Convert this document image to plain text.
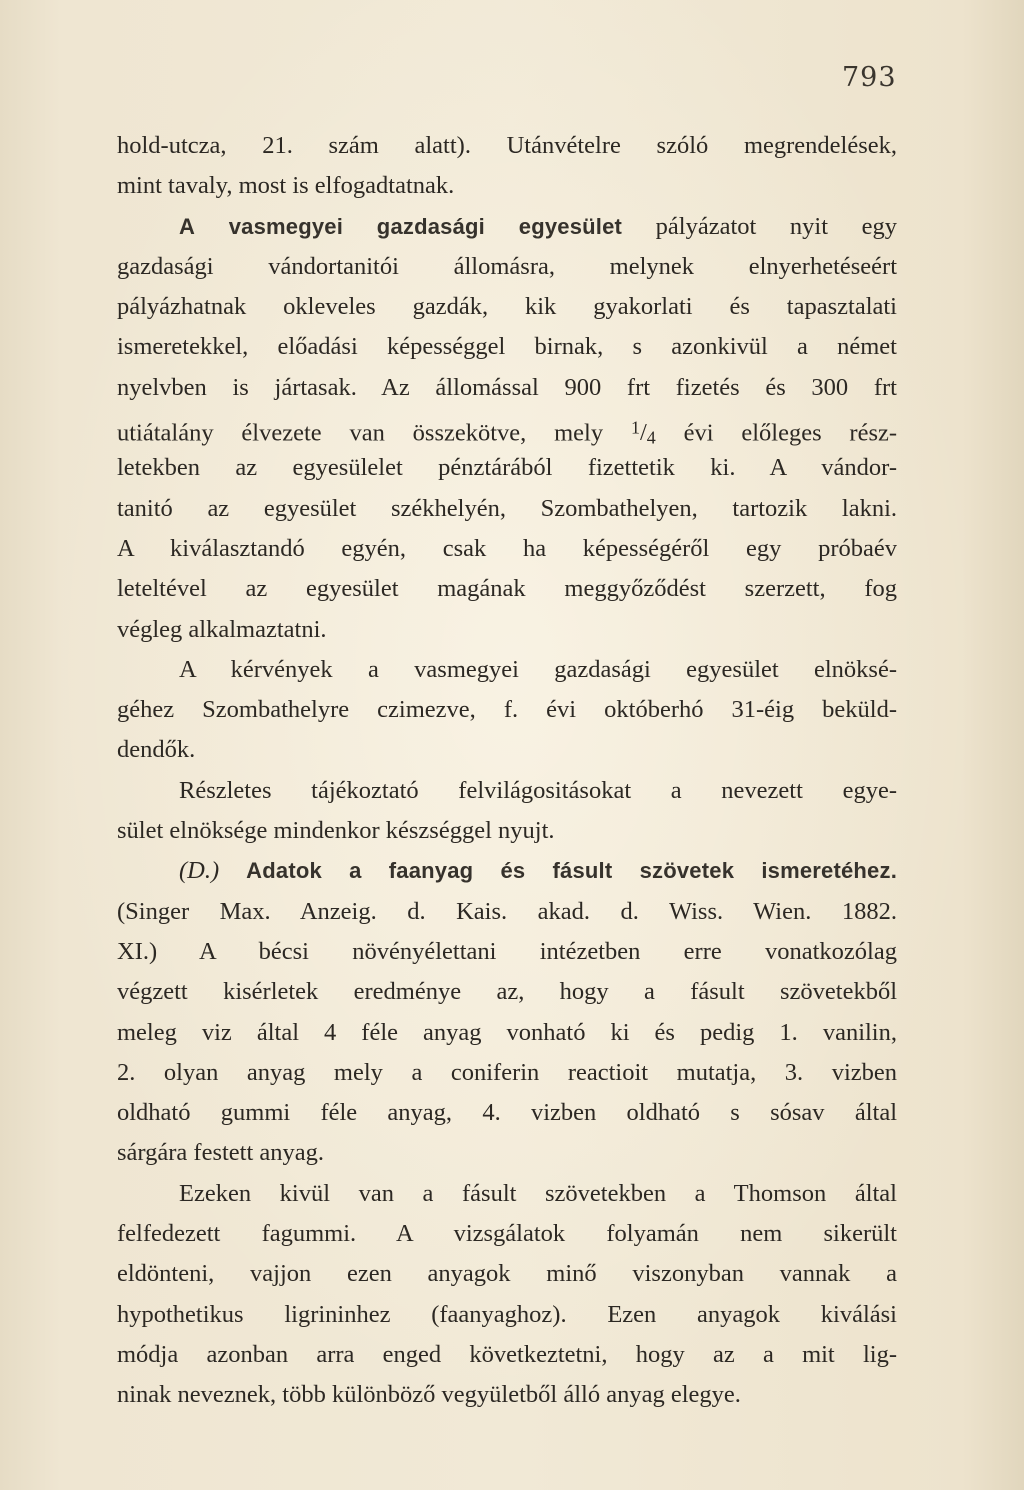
793
hold-utcza, 21. szám alatt). Utánvételre szóló megrendelések,
mint tavaly, most is elfogadtatnak.
A vasmegyei gazdasági egyesület pályázatot nyit egy
gazdasági vándortanitói állomásra, melynek elnyerhetéseért
pályázhatnak okleveles gazdák, kik gyakorlati és tapasztalati
ismeretekkel, előadási képességgel birnak, s azonkivül a német
nyelvben is jártasak. Az állomással 900 frt fizetés és 300 frt
utiátalány élvezete van összekötve, mely $^1$/4 évi előleges rész-
letekben az egyesülelet pénztárából fizettetik ki. A vándor-
tanitó az egyesület székhelyén, Szombathelyen, tartozik lakni.
A kiválasztandó egyén, csak ha képességéről egy próbaév
leteltével az egyesület magának meggyőződést szerzett, fog
végleg alkalmaztatni.
A kérvények a vasmegyei gazdasági egyesület elnöksé-
géhez Szombathelyre czimezve, f. évi októberhó 31-éig beküld-
dendők.
Részletes tájékoztató felvilágositásokat a nevezett egye-
sület elnöksége mindenkor készséggel nyujt.
(D.) Adatok a faanyag és fásult szövetek ismeretéhez.
(Singer Max. Anzeig. d. Kais. akad. d. Wiss. Wien. 1882.
XI.) A bécsi növényélettani intézetben erre vonatkozólag
végzett kisérletek eredménye az, hogy a fásult szövetekből
meleg viz által 4 féle anyag vonható ki és pedig 1. vanilin,
2. olyan anyag mely a coniferin reactioit mutatja, 3. vizben
oldható gummi féle anyag, 4. vizben oldható s sósav által
sárgára festett anyag.
Ezeken kivül van a fásult szövetekben a Thomson által
felfedezett fagummi. A vizsgálatok folyamán nem sikerült
eldönteni, vajjon ezen anyagok minő viszonyban vannak a
hypothetikus ligrininhez (faanyaghoz). Ezen anyagok kiválási
módja azonban arra enged következtetni, hogy az a mit lig-
ninak neveznek, több különböző vegyületből álló anyag elegye.
